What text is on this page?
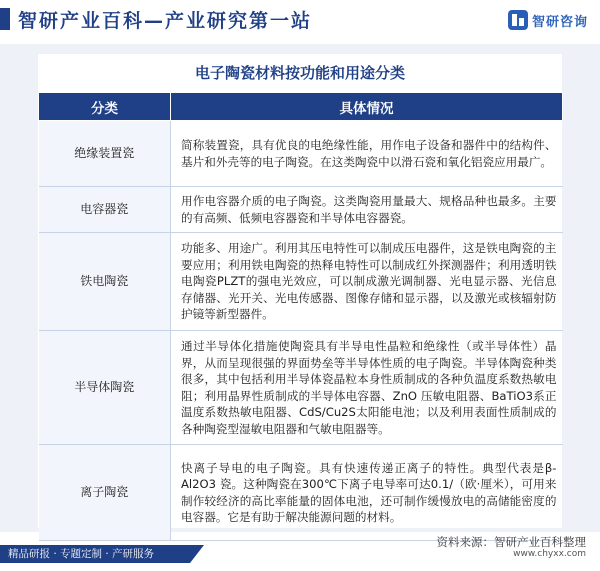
智研产业百科—产业研究第一站	智研咨询
电子陶瓷材料按功能和用途分类
分类	具体情况
绝缘装置瓷	简称装置瓷，具有优良的电绝缘性能，用作电子设备和器件中的结构件、基片和外壳等的电子陶瓷。在这类陶瓷中以滑石瓷和氧化铝瓷应用最广。
电容器瓷	用作电容器介质的电子陶瓷。这类陶瓷用量最大、规格品种也最多。主要的有高频、低频电容器瓷和半导体电容器瓷。
铁电陶瓷	功能多、用途广。利用其压电特性可以制成压电器件，这是铁电陶瓷的主要应用；利用铁电陶瓷的热释电特性可以制成红外探测器件；利用透明铁电陶瓷PLZT的强电光效应，可以制成激光调制器、光电显示器、光信息存储器、光开关、光电传感器、图像存储和显示器，以及激光或核辐射防护镜等新型器件。
半导体陶瓷	通过半导体化措施使陶瓷具有半导电性晶粒和绝缘性（或半导体性）晶界，从而呈现很强的界面势垒等半导体性质的电子陶瓷。半导体陶瓷种类很多，其中包括利用半导体瓷晶粒本身性质制成的各种负温度系数热敏电阻；利用晶界性质制成的半导体电容器、ZnO 压敏电阻器、BaTiO3系正温度系数热敏电阻器、CdS/Cu2S太阳能电池；以及利用表面性质制成的各种陶瓷型湿敏电阻器和气敏电阻器等。
离子陶瓷	快离子导电的电子陶瓷。具有快速传递正离子的特性。典型代表是β-Al2O3 瓷。这种陶瓷在300℃下离子电导率可达0.1/（欧·厘米），可用来制作较经济的高比率能量的固体电池，还可制作缓慢放电的高储能密度的电容器。它是有助于解决能源问题的材料。
精品研报 · 专题定制 · 产研服务
资料来源：智研产业百科整理
www.chyxx.com
